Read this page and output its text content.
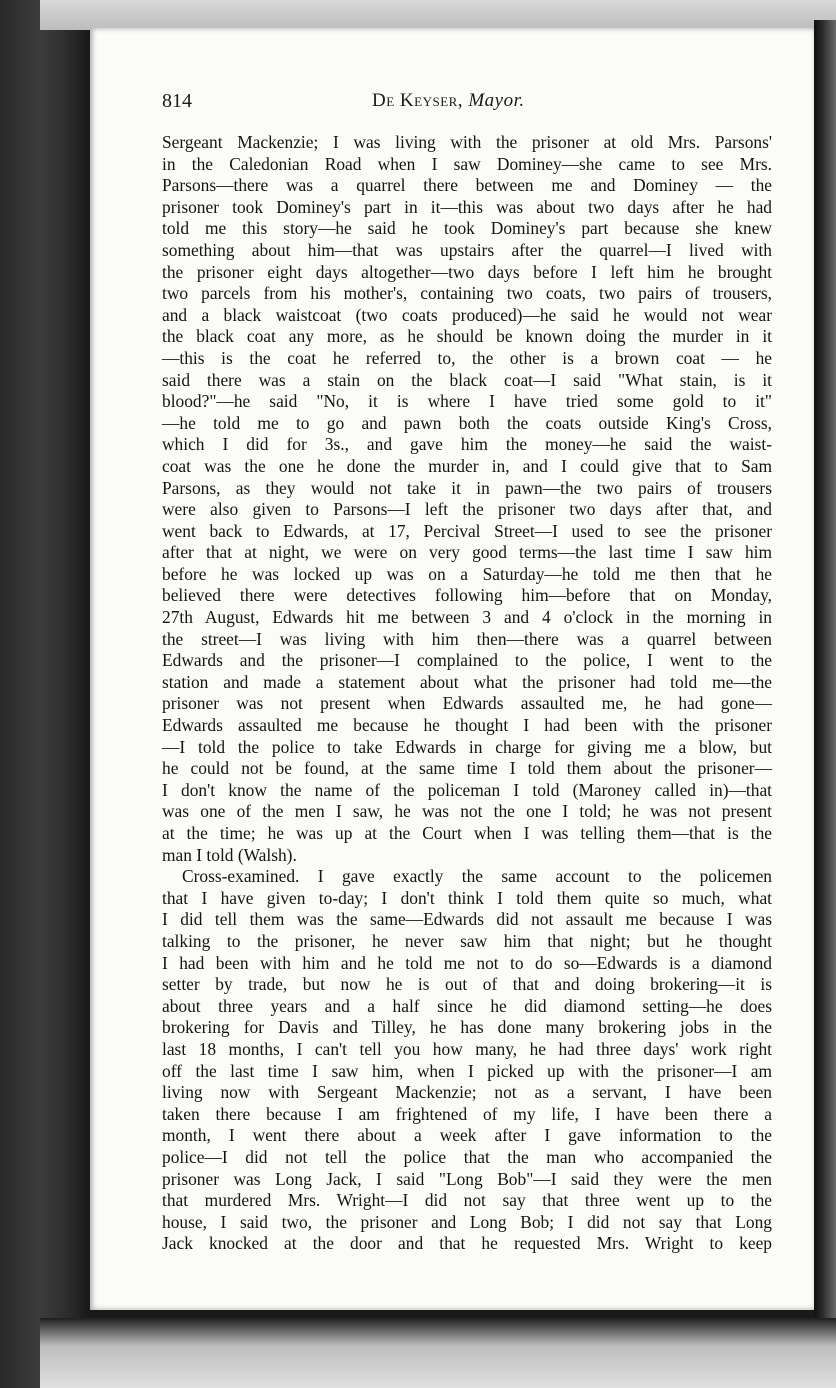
814	De Keyser, Mayor.
Sergeant Mackenzie; I was living with the prisoner at old Mrs. Parsons'
in the Caledonian Road when I saw Dominey—she came to see Mrs.
Parsons—there was a quarrel there between me and Dominey — the
prisoner took Dominey's part in it—this was about two days after he had
told me this story—he said he took Dominey's part because she knew
something about him—that was upstairs after the quarrel—I lived with
the prisoner eight days altogether—two days before I left him he brought
two parcels from his mother's, containing two coats, two pairs of trousers,
and a black waistcoat (two coats produced)—he said he would not wear
the black coat any more, as he should be known doing the murder in it
—this is the coat he referred to, the other is a brown coat — he
said there was a stain on the black coat—I said "What stain, is it
blood?"—he said "No, it is where I have tried some gold to it"
—he told me to go and pawn both the coats outside King's Cross,
which I did for 3s., and gave him the money—he said the waist-
coat was the one he done the murder in, and I could give that to Sam
Parsons, as they would not take it in pawn—the two pairs of trousers
were also given to Parsons—I left the prisoner two days after that, and
went back to Edwards, at 17, Percival Street—I used to see the prisoner
after that at night, we were on very good terms—the last time I saw him
before he was locked up was on a Saturday—he told me then that he
believed there were detectives following him—before that on Monday,
27th August, Edwards hit me between 3 and 4 o'clock in the morning in
the street—I was living with him then—there was a quarrel between
Edwards and the prisoner—I complained to the police, I went to the
station and made a statement about what the prisoner had told me—the
prisoner was not present when Edwards assaulted me, he had gone—
Edwards assaulted me because he thought I had been with the prisoner
—I told the police to take Edwards in charge for giving me a blow, but
he could not be found, at the same time I told them about the prisoner—
I don't know the name of the policeman I told (Maroney called in)—that
was one of the men I saw, he was not the one I told; he was not present
at the time; he was up at the Court when I was telling them—that is the
man I told (Walsh).
Cross-examined. I gave exactly the same account to the policemen
that I have given to-day; I don't think I told them quite so much, what
I did tell them was the same—Edwards did not assault me because I was
talking to the prisoner, he never saw him that night; but he thought
I had been with him and he told me not to do so—Edwards is a diamond
setter by trade, but now he is out of that and doing brokering—it is
about three years and a half since he did diamond setting—he does
brokering for Davis and Tilley, he has done many brokering jobs in the
last 18 months, I can't tell you how many, he had three days' work right
off the last time I saw him, when I picked up with the prisoner—I am
living now with Sergeant Mackenzie; not as a servant, I have been
taken there because I am frightened of my life, I have been there a
month, I went there about a week after I gave information to the
police—I did not tell the police that the man who accompanied the
prisoner was Long Jack, I said "Long Bob"—I said they were the men
that murdered Mrs. Wright—I did not say that three went up to the
house, I said two, the prisoner and Long Bob; I did not say that Long
Jack knocked at the door and that he requested Mrs. Wright to keep
